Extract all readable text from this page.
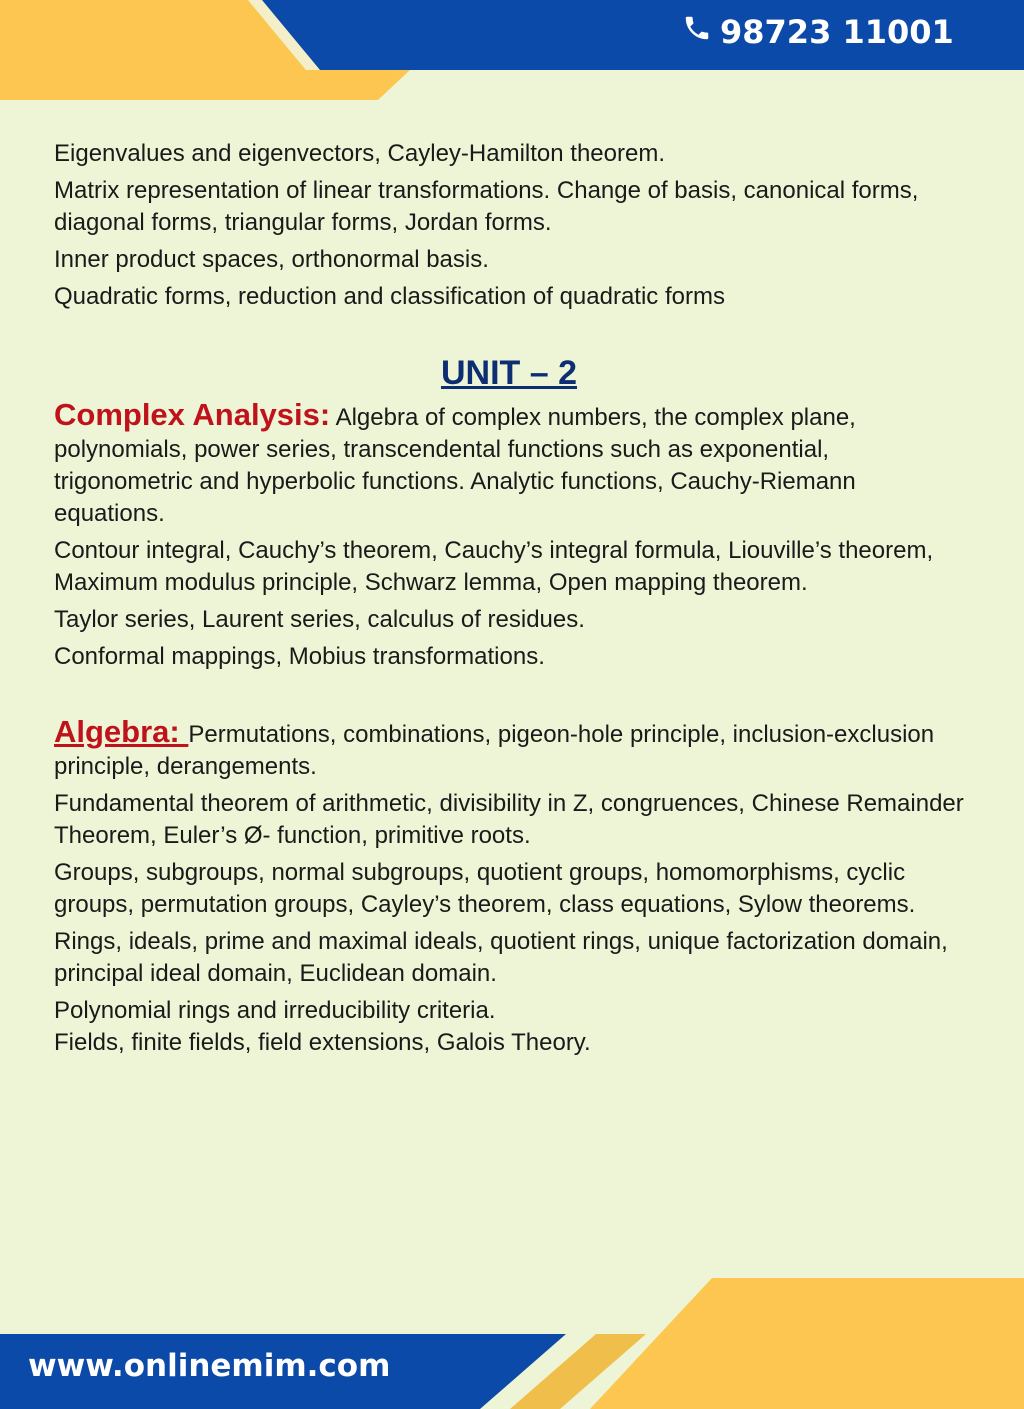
98723 11001

Eigenvalues and eigenvectors, Cayley-Hamilton theorem.

Matrix representation of linear transformations. Change of basis, canonical forms, diagonal forms, triangular forms, Jordan forms.

Inner product spaces, orthonormal basis.

Quadratic forms, reduction and classification of quadratic forms

UNIT – 2

Complex Analysis: Algebra of complex numbers, the complex plane, polynomials, power series, transcendental functions such as exponential, trigonometric and hyperbolic functions. Analytic functions, Cauchy-Riemann equations.

Contour integral, Cauchy’s theorem, Cauchy’s integral formula, Liouville’s theorem, Maximum modulus principle, Schwarz lemma, Open mapping theorem.

Taylor series, Laurent series, calculus of residues.

Conformal mappings, Mobius transformations.

Algebra: Permutations, combinations, pigeon-hole principle, inclusion-exclusion principle, derangements.

Fundamental theorem of arithmetic, divisibility in Z, congruences, Chinese Remainder Theorem, Euler’s Ø- function, primitive roots.

Groups, subgroups, normal subgroups, quotient groups, homomorphisms, cyclic groups, permutation groups, Cayley’s theorem, class equations, Sylow theorems.

Rings, ideals, prime and maximal ideals, quotient rings, unique factorization domain, principal ideal domain, Euclidean domain.

Polynomial rings and irreducibility criteria.

Fields, finite fields, field extensions, Galois Theory.

www.onlinemim.com
